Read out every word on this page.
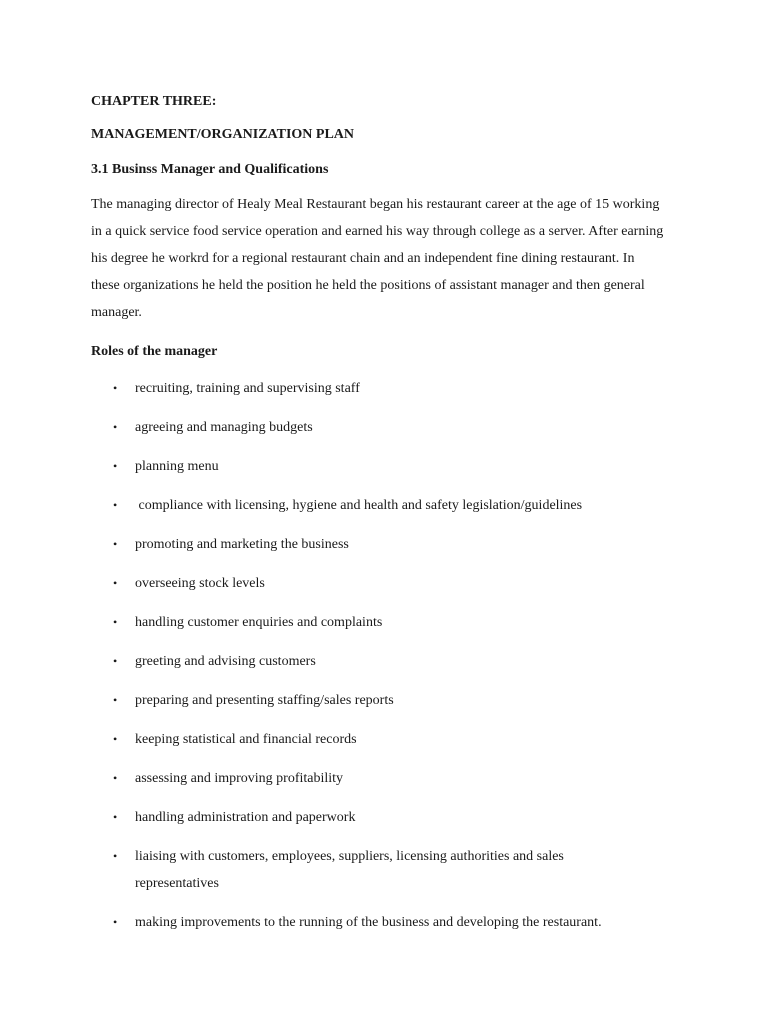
CHAPTER THREE:

MANAGEMENT/ORGANIZATION PLAN

3.1 Businss Manager and Qualifications

The managing director of Healy Meal Restaurant began his restaurant career at the age of 15 working in a quick service food service operation and earned his way through college as a server. After earning his degree he workrd for a regional restaurant chain and an independent fine dining restaurant. In these organizations he held the position he held the positions of assistant manager and then general manager.

Roles of the manager

• recruiting, training and supervising staff
• agreeing and managing budgets
• planning menu
• compliance with licensing, hygiene and health and safety legislation/guidelines
• promoting and marketing the business
• overseeing stock levels
• handling customer enquiries and complaints
• greeting and advising customers
• preparing and presenting staffing/sales reports
• keeping statistical and financial records
• assessing and improving profitability
• handling administration and paperwork
• liaising with customers, employees, suppliers, licensing authorities and sales representatives
• making improvements to the running of the business and developing the restaurant.
